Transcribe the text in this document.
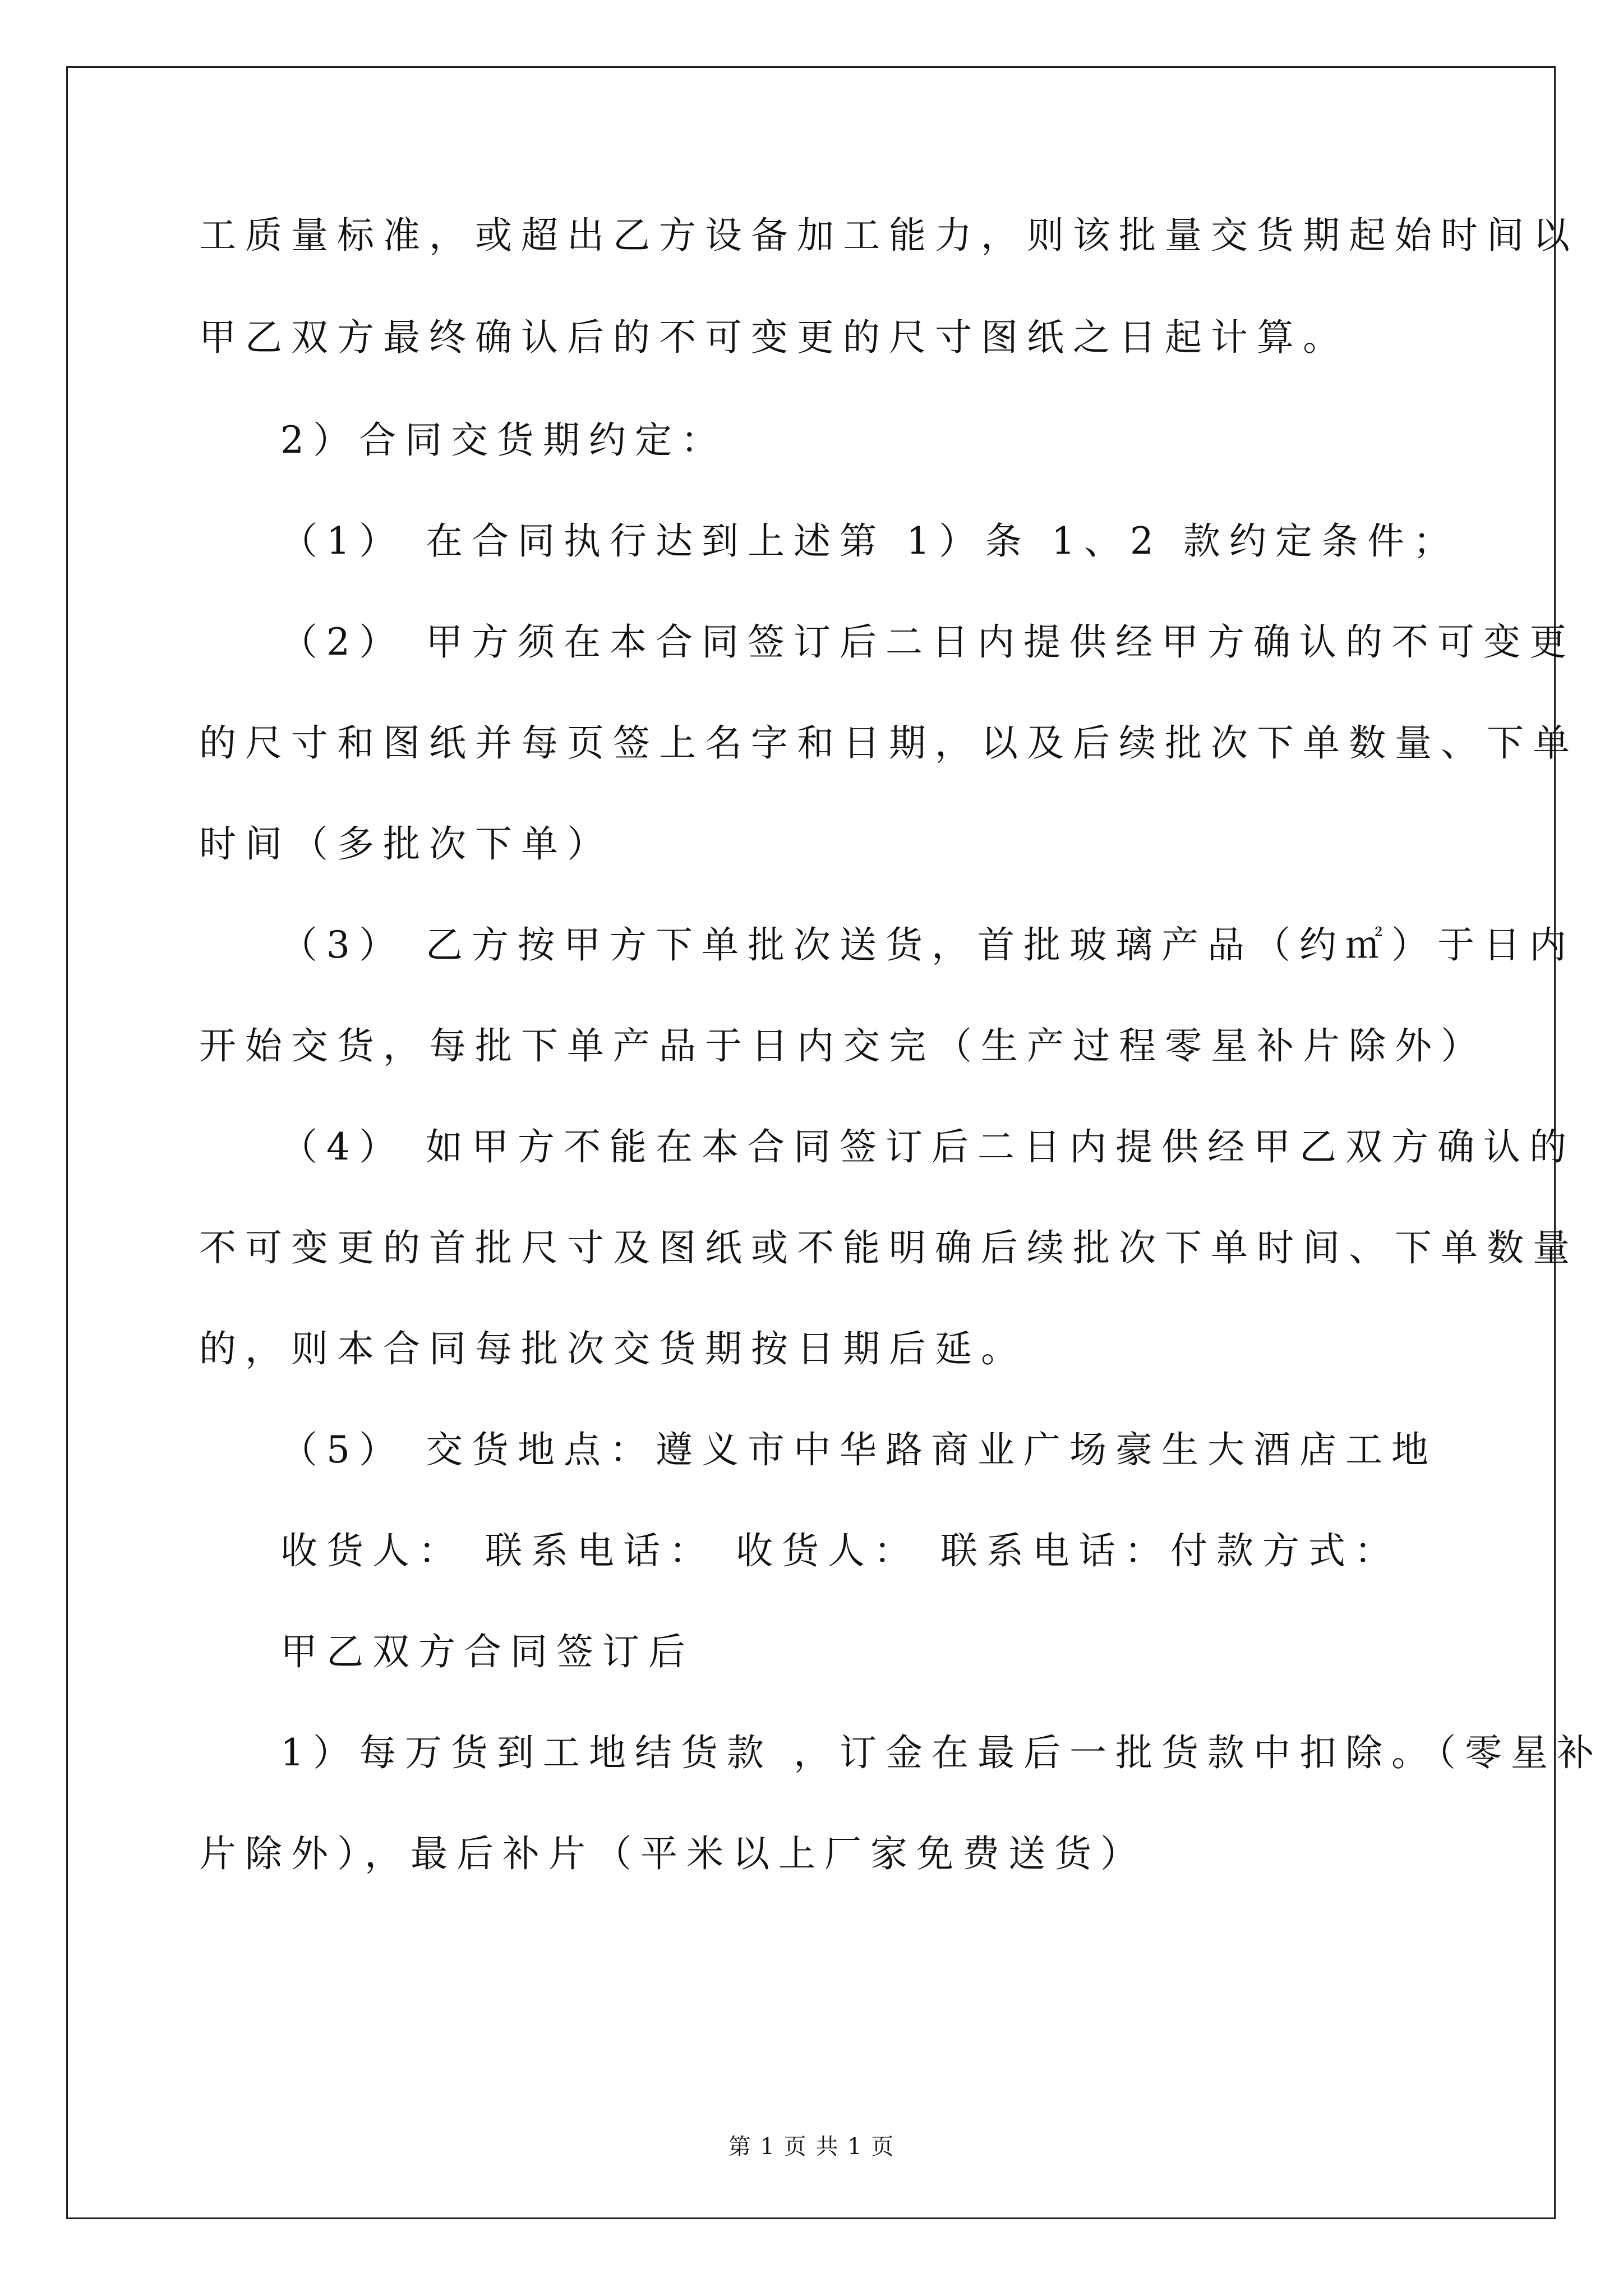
工质量标准，或超出乙方设备加工能力，则该批量交货期起始时间以
甲乙双方最终确认后的不可变更的尺寸图纸之日起计算。
2）合同交货期约定：
（1） 在合同执行达到上述第 1）条 1、2 款约定条件；
（2） 甲方须在本合同签订后二日内提供经甲方确认的不可变更
的尺寸和图纸并每页签上名字和日期，以及后续批次下单数量、下单
时间（多批次下单）
（3） 乙方按甲方下单批次送货，首批玻璃产品（约㎡）于日内
开始交货，每批下单产品于日内交完（生产过程零星补片除外）
（4） 如甲方不能在本合同签订后二日内提供经甲乙双方确认的
不可变更的首批尺寸及图纸或不能明确后续批次下单时间、下单数量
的，则本合同每批次交货期按日期后延。
（5） 交货地点：遵义市中华路商业广场豪生大酒店工地
收货人： 联系电话： 收货人： 联系电话：付款方式：
甲乙双方合同签订后
1）每万货到工地结货款 ，订金在最后一批货款中扣除。（零星补
片除外），最后补片（平米以上厂家免费送货）
第 1 页 共 1 页
